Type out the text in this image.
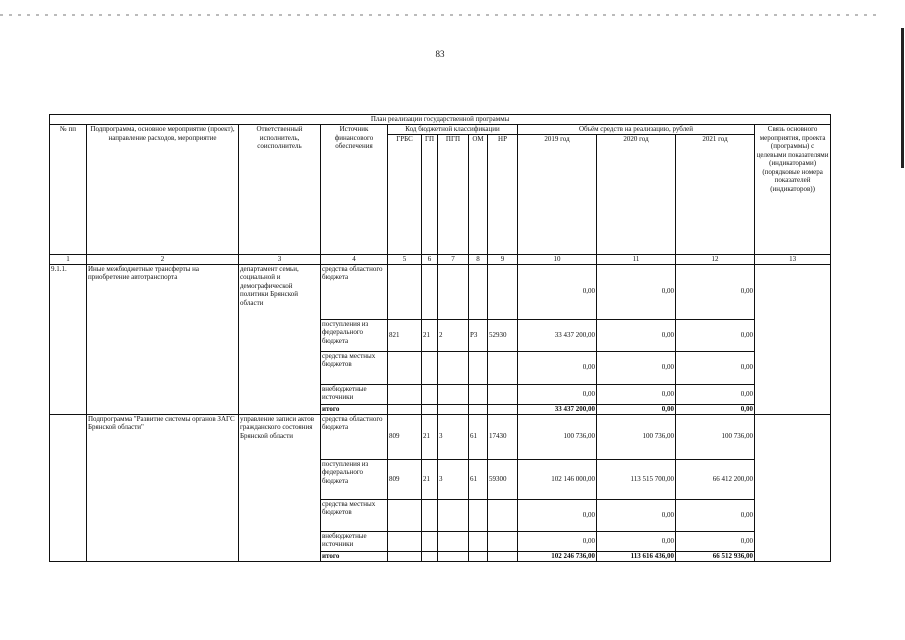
83
План реализации государственной программы												
№ пп	Подпрограмма, основное мероприятие (проект), направление расходов, мероприятие	Ответственный исполнитель, соисполнитель	Источник финансового обеспечения	Код бюджетной классификации					Объём средств на реализацию, рублей			Связь основного мероприятия, проекта (программы) с целевыми показателями (индикаторами) (порядковые номера показателей (индикаторов))
				ГРБС	ГП	ПГП	ОМ	НР	2019 год	2020 год	2021 год	
1	2	3	4	5	6	7	8	9	10	11	12	13
9.1.1.	Иные межбюджетные трансферты на приобретение автотранспорта	департамент семьи, социальной и демографической политики Брянской области	средства областного бюджета						0,00	0,00	0,00	
			поступления из федерального бюджета	821	21	2	Р3	52930	33 437 200,00	0,00	0,00	
			средства местных бюджетов						0,00	0,00	0,00	
			внебюджетные источники						0,00	0,00	0,00	
			итого						33 437 200,00	0,00	0,00	
	Подпрограмма "Развитие системы органов ЗАГС Брянской области"	управление записи актов гражданского состояния Брянской области	средства областного бюджета	809	21	3	61	17430	100 736,00	100 736,00	100 736,00	
			поступления из федерального бюджета	809	21	3	61	59300	102 146 000,00	113 515 700,00	66 412 200,00	
			средства местных бюджетов						0,00	0,00	0,00	
			внебюджетные источники						0,00	0,00	0,00	
			итого						102 246 736,00	113 616 436,00	66 512 936,00	
